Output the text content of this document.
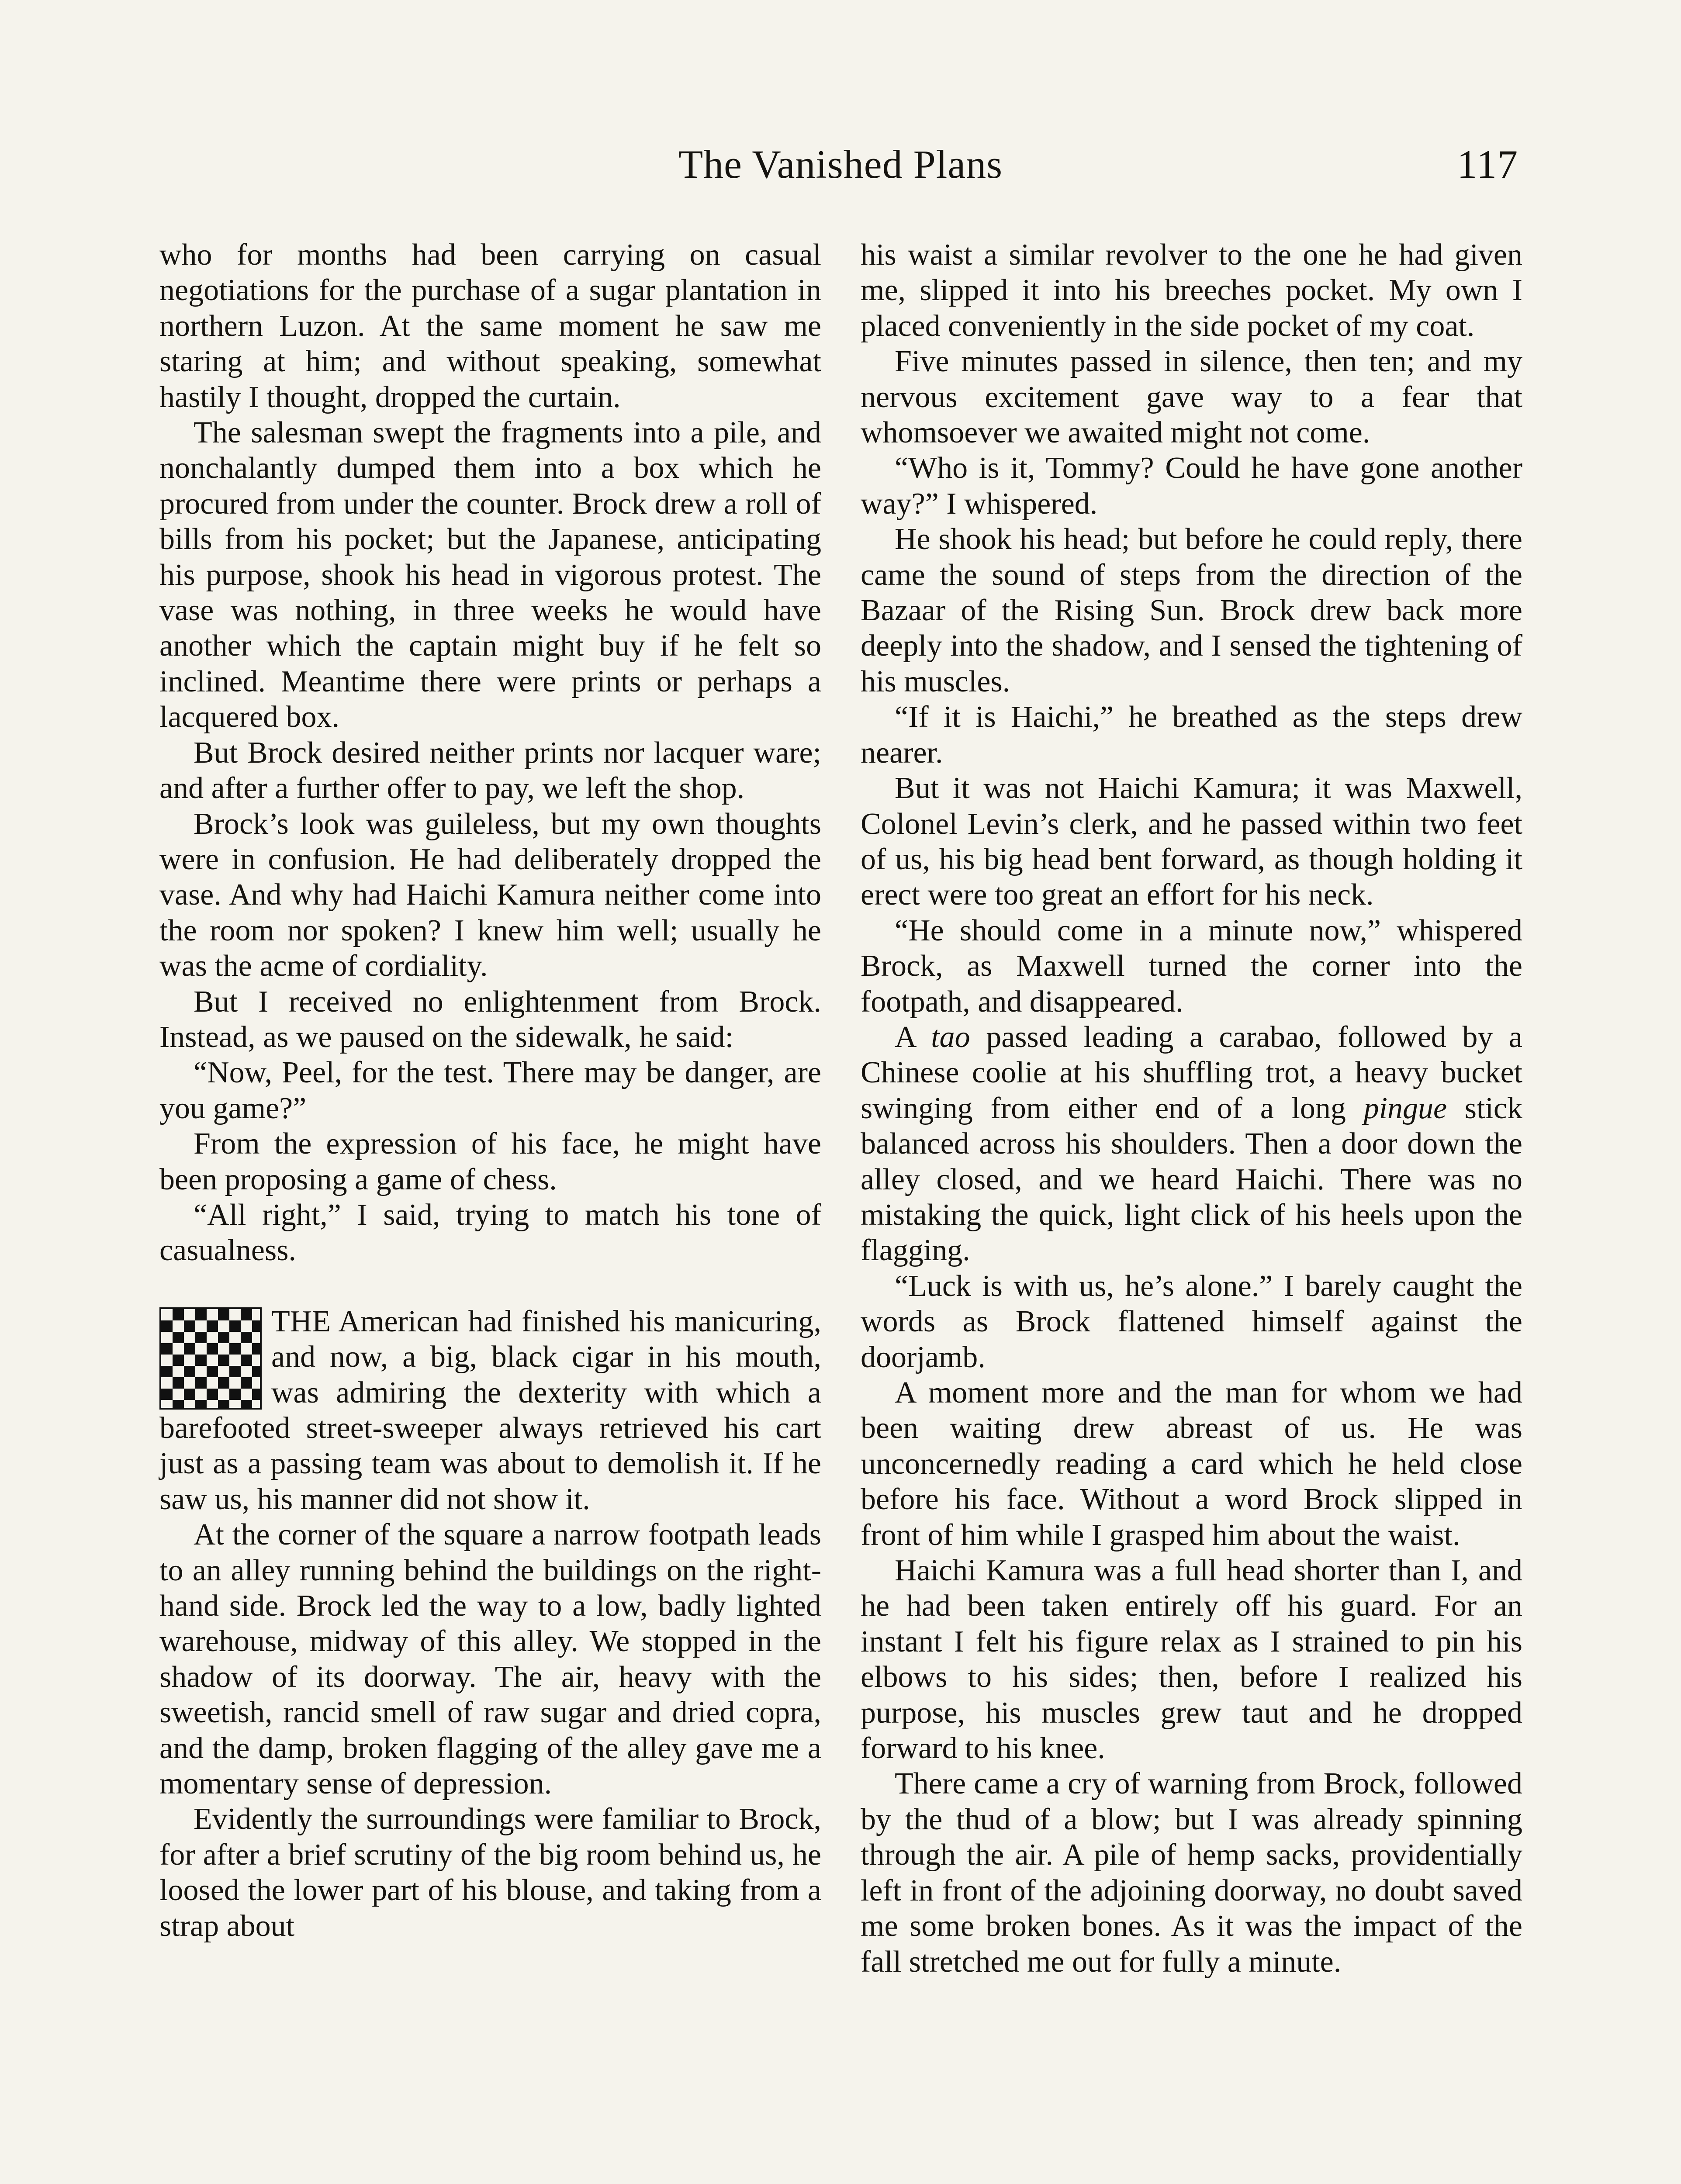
The Vanished Plans	117

who for months had been carrying on casual negotiations for the purchase of a sugar plantation in northern Luzon. At the same moment he saw me staring at him; and without speaking, somewhat hastily I thought, dropped the curtain.

The salesman swept the fragments into a pile, and nonchalantly dumped them into a box which he procured from under the counter. Brock drew a roll of bills from his pocket; but the Japanese, anticipating his purpose, shook his head in vigorous protest. The vase was nothing, in three weeks he would have another which the captain might buy if he felt so inclined. Meantime there were prints or perhaps a lacquered box.

But Brock desired neither prints nor lacquer ware; and after a further offer to pay, we left the shop.

Brock’s look was guileless, but my own thoughts were in confusion. He had deliberately dropped the vase. And why had Haichi Kamura neither come into the room nor spoken? I knew him well; usually he was the acme of cordiality.

But I received no enlightenment from Brock. Instead, as we paused on the sidewalk, he said:

“Now, Peel, for the test. There may be danger, are you game?”

From the expression of his face, he might have been proposing a game of chess.

“All right,” I said, trying to match his tone of casualness.

THE American had finished his manicuring, and now, a big, black cigar in his mouth, was admiring the dexterity with which a barefooted street-sweeper always retrieved his cart just as a passing team was about to demolish it. If he saw us, his manner did not show it.

At the corner of the square a narrow footpath leads to an alley running behind the buildings on the right-hand side. Brock led the way to a low, badly lighted warehouse, midway of this alley. We stopped in the shadow of its doorway. The air, heavy with the sweetish, rancid smell of raw sugar and dried copra, and the damp, broken flagging of the alley gave me a momentary sense of depression.

Evidently the surroundings were familiar to Brock, for after a brief scrutiny of the big room behind us, he loosed the lower part of his blouse, and taking from a strap about

his waist a similar revolver to the one he had given me, slipped it into his breeches pocket. My own I placed conveniently in the side pocket of my coat.

Five minutes passed in silence, then ten; and my nervous excitement gave way to a fear that whomsoever we awaited might not come.

“Who is it, Tommy? Could he have gone another way?” I whispered.

He shook his head; but before he could reply, there came the sound of steps from the direction of the Bazaar of the Rising Sun. Brock drew back more deeply into the shadow, and I sensed the tightening of his muscles.

“If it is Haichi,” he breathed as the steps drew nearer.

But it was not Haichi Kamura; it was Maxwell, Colonel Levin’s clerk, and he passed within two feet of us, his big head bent forward, as though holding it erect were too great an effort for his neck.

“He should come in a minute now,” whispered Brock, as Maxwell turned the corner into the footpath, and disappeared.

A tao passed leading a carabao, followed by a Chinese coolie at his shuffling trot, a heavy bucket swinging from either end of a long pingue stick balanced across his shoulders. Then a door down the alley closed, and we heard Haichi. There was no mistaking the quick, light click of his heels upon the flagging.

“Luck is with us, he’s alone.” I barely caught the words as Brock flattened himself against the doorjamb.

A moment more and the man for whom we had been waiting drew abreast of us. He was unconcernedly reading a card which he held close before his face. Without a word Brock slipped in front of him while I grasped him about the waist.

Haichi Kamura was a full head shorter than I, and he had been taken entirely off his guard. For an instant I felt his figure relax as I strained to pin his elbows to his sides; then, before I realized his purpose, his muscles grew taut and he dropped forward to his knee.

There came a cry of warning from Brock, followed by the thud of a blow; but I was already spinning through the air. A pile of hemp sacks, providentially left in front of the adjoining doorway, no doubt saved me some broken bones. As it was the impact of the fall stretched me out for fully a minute.
